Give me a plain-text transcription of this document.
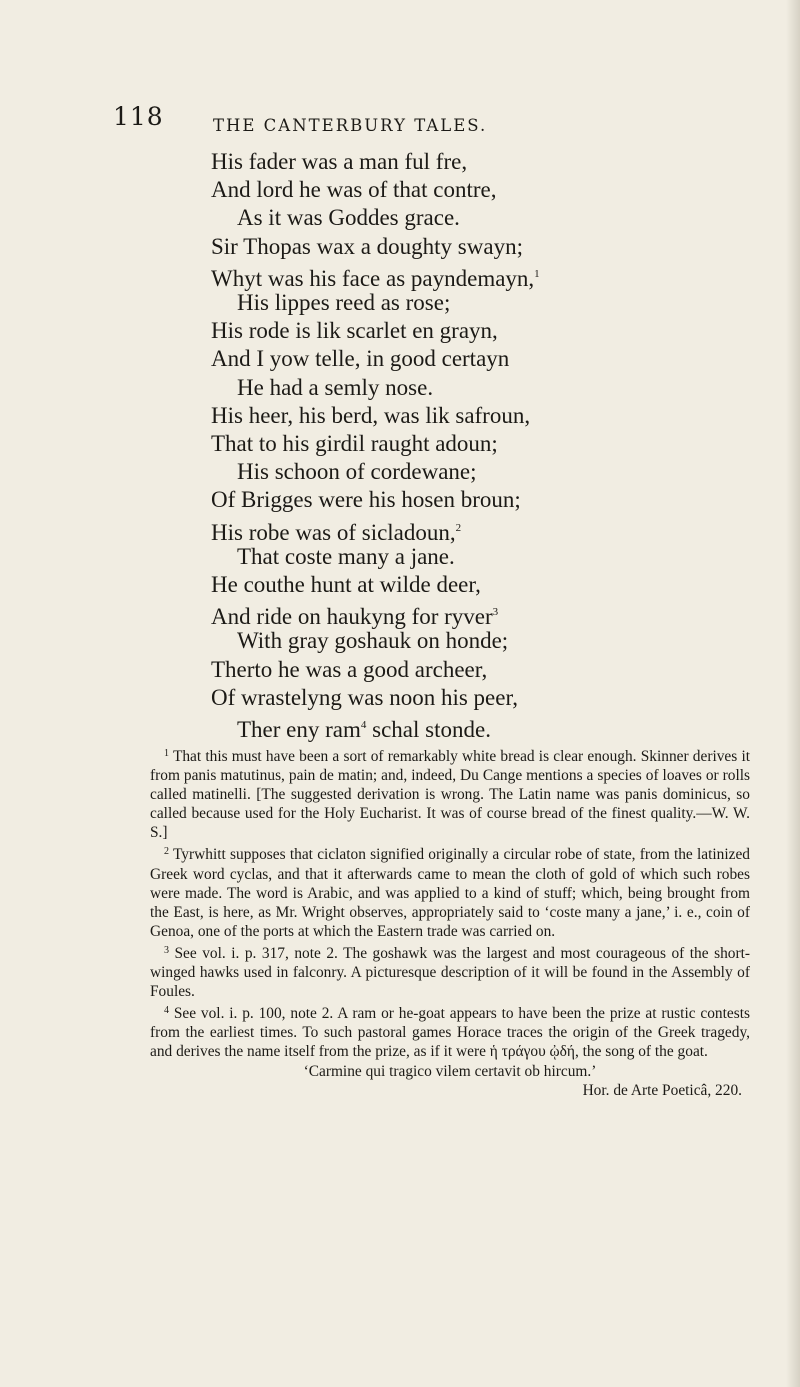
118	THE CANTERBURY TALES.
His fader was a man ful fre,
And lord he was of that contre,
As it was Goddes grace.
Sir Thopas wax a doughty swayn;
Whyt was his face as payndemayn,$^1$
His lippes reed as rose;
His rode is lik scarlet en grayn,
And I yow telle, in good certayn
He had a semly nose.
His heer, his berd, was lik safroun,
That to his girdil raught adoun;
His schoon of cordewane;
Of Brigges were his hosen broun;
His robe was of sicladoun,$^2$
That coste many a jane.
He couthe hunt at wilde deer,
And ride on haukyng for ryver$^3$
With gray goshauk on honde;
Therto he was a good archeer,
Of wrastelyng was noon his peer,
Ther eny ram$^4$ schal stonde.

$^1$ That this must have been a sort of remarkably white bread is clear enough. Skinner derives it from panis matutinus, pain de matin; and, indeed, Du Cange mentions a species of loaves or rolls called matinelli. [The suggested derivation is wrong. The Latin name was panis dominicus, so called because used for the Holy Eucharist. It was of course bread of the finest quality.—W. W. S.]

$^2$ Tyrwhitt supposes that ciclaton signified originally a circular robe of state, from the latinized Greek word cyclas, and that it afterwards came to mean the cloth of gold of which such robes were made. The word is Arabic, and was applied to a kind of stuff; which, being brought from the East, is here, as Mr. Wright observes, appropriately said to ‘coste many a jane,’ i. e., coin of Genoa, one of the ports at which the Eastern trade was carried on.

$^3$ See vol. i. p. 317, note 2. The goshawk was the largest and most courageous of the short-winged hawks used in falconry. A picturesque description of it will be found in the Assembly of Foules.

$^4$ See vol. i. p. 100, note 2. A ram or he-goat appears to have been the prize at rustic contests from the earliest times. To such pastoral games Horace traces the origin of the Greek tragedy, and derives the name itself from the prize, as if it were ἡ τράγου ᾠδή, the song of the goat.

‘Carmine qui tragico vilem certavit ob hircum.’

Hor. de Arte Poeticâ, 220.
